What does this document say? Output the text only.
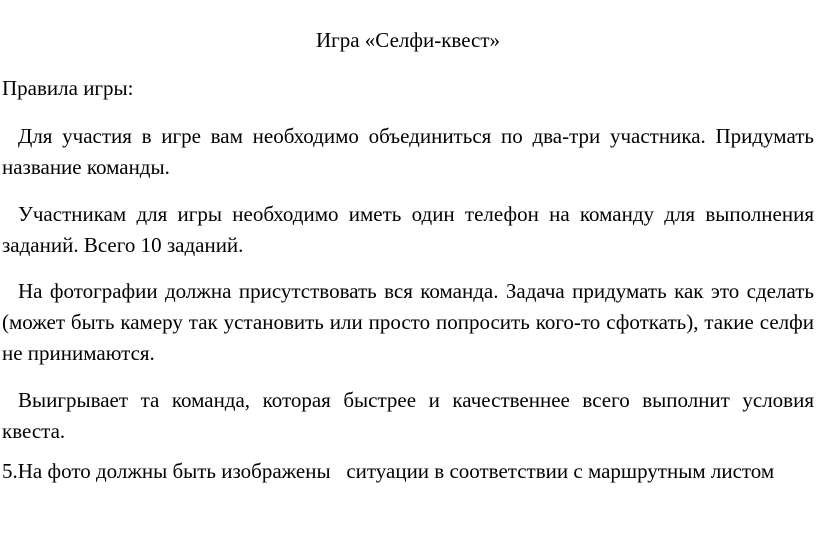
Игра «Селфи-квест»
Правила игры:
Для участия в игре вам необходимо объединиться по два-три участника. Придумать название команды.
Участникам для игры необходимо иметь один телефон на команду для выполнения заданий. Всего 10 заданий.
На фотографии должна присутствовать вся команда. Задача придумать как это сделать (может быть камеру так установить или просто попросить кого-то сфоткать), такие селфи не принимаются.
Выигрывает та команда, которая быстрее и качественнее всего выполнит условия квеста.
5.На фото должны быть изображены   ситуации в соответствии с маршрутным листом
